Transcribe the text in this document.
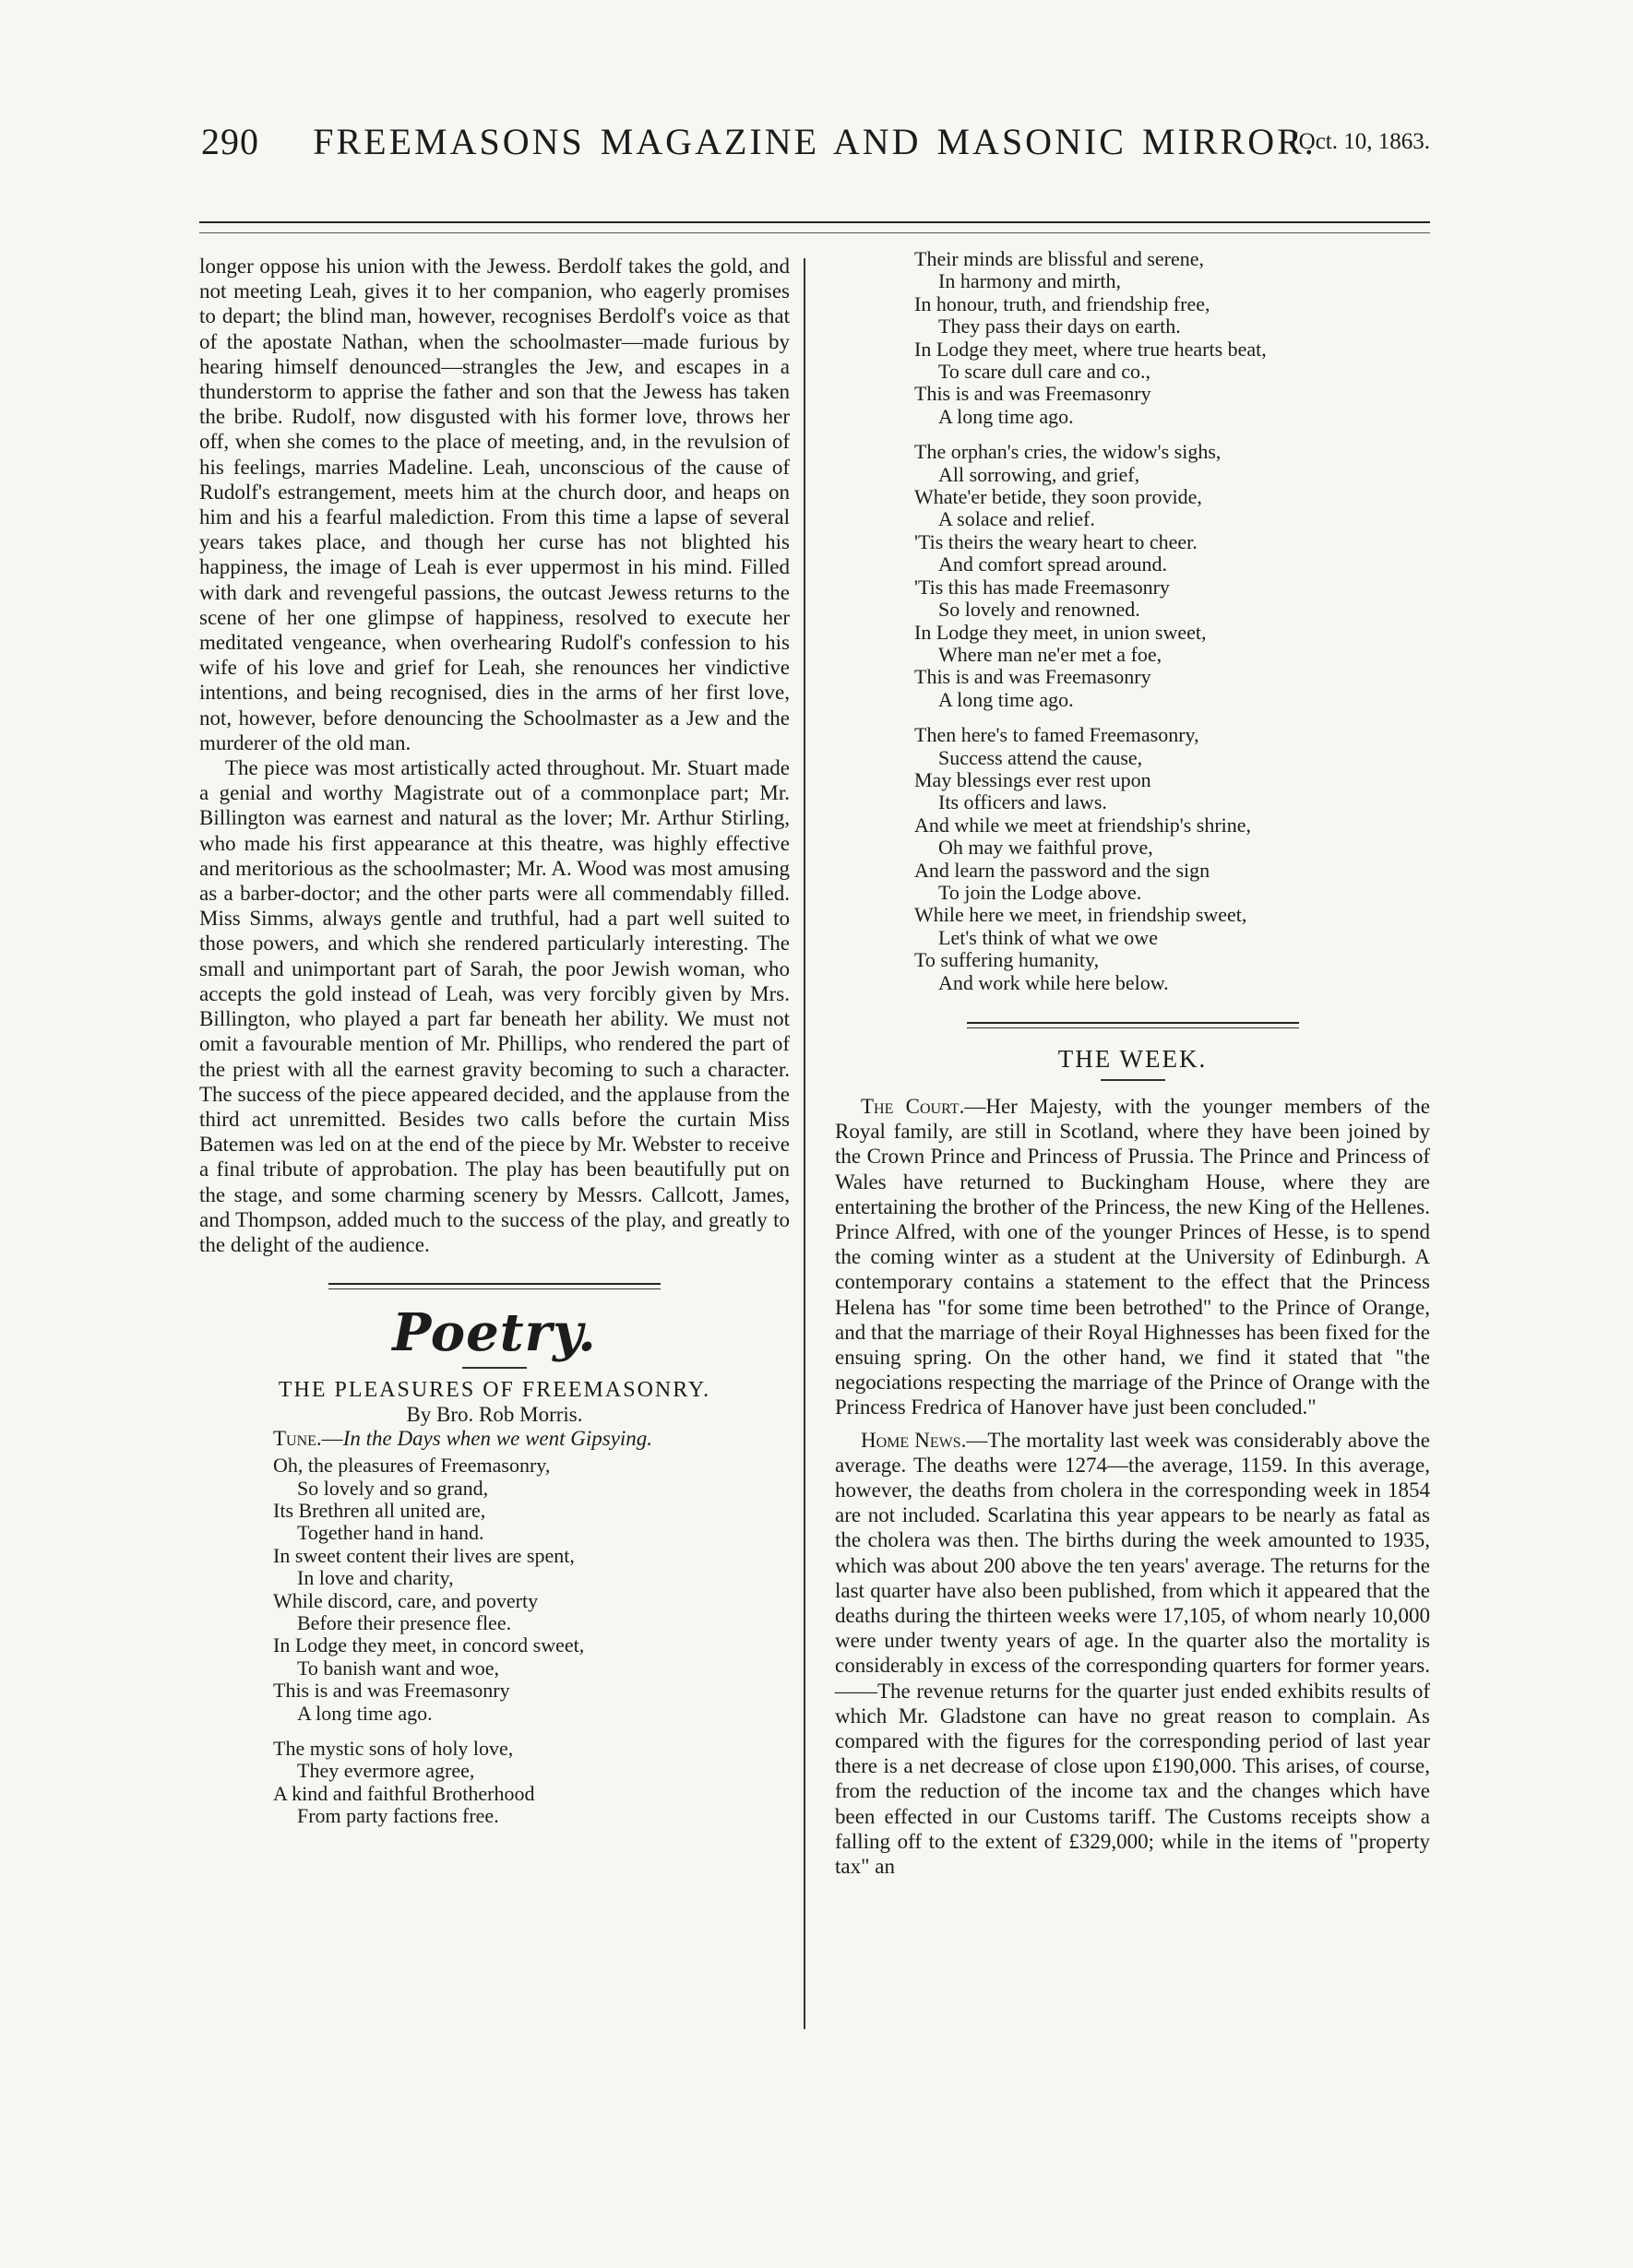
290	FREEMASONS MAGAZINE AND MASONIC MIRROR.
[Oct. 10, 1863.

longer oppose his union with the Jewess. Berdolf takes the gold, and not meeting Leah, gives it to her companion, who eagerly promises to depart; the blind man, however, recognises Berdolf's voice as that of the apostate Nathan, when the schoolmaster—made furious by hearing himself denounced—strangles the Jew, and escapes in a thunderstorm to apprise the father and son that the Jewess has taken the bribe. Rudolf, now disgusted with his former love, throws her off, when she comes to the place of meeting, and, in the revulsion of his feelings, marries Madeline. Leah, unconscious of the cause of Rudolf's estrangement, meets him at the church door, and heaps on him and his a fearful malediction. From this time a lapse of several years takes place, and though her curse has not blighted his happiness, the image of Leah is ever uppermost in his mind. Filled with dark and revengeful passions, the outcast Jewess returns to the scene of her one glimpse of happiness, resolved to execute her meditated vengeance, when overhearing Rudolf's confession to his wife of his love and grief for Leah, she renounces her vindictive intentions, and being recognised, dies in the arms of her first love, not, however, before denouncing the Schoolmaster as a Jew and the murderer of the old man.

The piece was most artistically acted throughout. Mr. Stuart made a genial and worthy Magistrate out of a commonplace part; Mr. Billington was earnest and natural as the lover; Mr. Arthur Stirling, who made his first appearance at this theatre, was highly effective and meritorious as the schoolmaster; Mr. A. Wood was most amusing as a barber-doctor; and the other parts were all commendably filled. Miss Simms, always gentle and truthful, had a part well suited to those powers, and which she rendered particularly interesting. The small and unimportant part of Sarah, the poor Jewish woman, who accepts the gold instead of Leah, was very forcibly given by Mrs. Billington, who played a part far beneath her ability. We must not omit a favourable mention of Mr. Phillips, who rendered the part of the priest with all the earnest gravity becoming to such a character. The success of the piece appeared decided, and the applause from the third act unremitted. Besides two calls before the curtain Miss Batemen was led on at the end of the piece by Mr. Webster to receive a final tribute of approbation. The play has been beautifully put on the stage, and some charming scenery by Messrs. Callcott, James, and Thompson, added much to the success of the play, and greatly to the delight of the audience.

Poetry.

THE PLEASURES OF FREEMASONRY.

By Bro. Rob Morris.

Tune.—In the Days when we went Gipsying.

Oh, the pleasures of Freemasonry,
So lovely and so grand,
Its Brethren all united are,
Together hand in hand.
In sweet content their lives are spent,
In love and charity,
While discord, care, and poverty
Before their presence flee.
In Lodge they meet, in concord sweet,
To banish want and woe,
This is and was Freemasonry
A long time ago.
The mystic sons of holy love,
They evermore agree,
A kind and faithful Brotherhood
From party factions free.
Their minds are blissful and serene,
In harmony and mirth,
In honour, truth, and friendship free,
They pass their days on earth.
In Lodge they meet, where true hearts beat,
To scare dull care and co.,
This is and was Freemasonry
A long time ago.
The orphan's cries, the widow's sighs,
All sorrowing, and grief,
Whate'er betide, they soon provide,
A solace and relief.
'Tis theirs the weary heart to cheer.
And comfort spread around.
'Tis this has made Freemasonry
So lovely and renowned.
In Lodge they meet, in union sweet,
Where man ne'er met a foe,
This is and was Freemasonry
A long time ago.
Then here's to famed Freemasonry,
Success attend the cause,
May blessings ever rest upon
Its officers and laws.
And while we meet at friendship's shrine,
Oh may we faithful prove,
And learn the password and the sign
To join the Lodge above.
While here we meet, in friendship sweet,
Let's think of what we owe
To suffering humanity,
And work while here below.

THE WEEK.

The Court.—Her Majesty, with the younger members of the Royal family, are still in Scotland, where they have been joined by the Crown Prince and Princess of Prussia. The Prince and Princess of Wales have returned to Buckingham House, where they are entertaining the brother of the Princess, the new King of the Hellenes. Prince Alfred, with one of the younger Princes of Hesse, is to spend the coming winter as a student at the University of Edinburgh. A contemporary contains a statement to the effect that the Princess Helena has "for some time been betrothed" to the Prince of Orange, and that the marriage of their Royal Highnesses has been fixed for the ensuing spring. On the other hand, we find it stated that "the negociations respecting the marriage of the Prince of Orange with the Princess Fredrica of Hanover have just been concluded."

Home News.—The mortality last week was considerably above the average. The deaths were 1274—the average, 1159. In this average, however, the deaths from cholera in the corresponding week in 1854 are not included. Scarlatina this year appears to be nearly as fatal as the cholera was then. The births during the week amounted to 1935, which was about 200 above the ten years' average. The returns for the last quarter have also been published, from which it appeared that the deaths during the thirteen weeks were 17,105, of whom nearly 10,000 were under twenty years of age. In the quarter also the mortality is considerably in excess of the corresponding quarters for former years.——The revenue returns for the quarter just ended exhibits results of which Mr. Gladstone can have no great reason to complain. As compared with the figures for the corresponding period of last year there is a net decrease of close upon £190,000. This arises, of course, from the reduction of the income tax and the changes which have been effected in our Customs tariff. The Customs receipts show a falling off to the extent of £329,000; while in the items of "property tax" an
